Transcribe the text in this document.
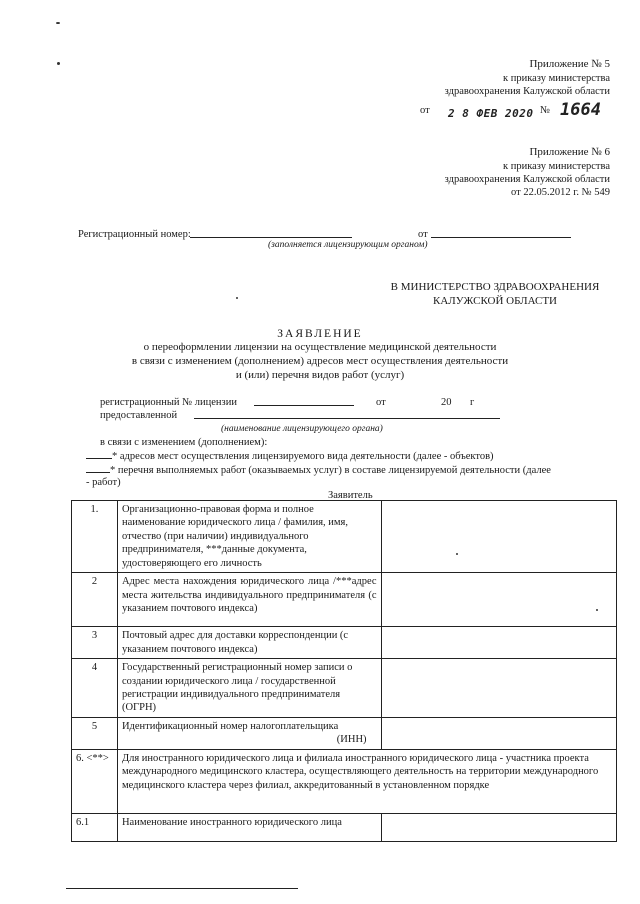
Приложение № 5
к приказу министерства
здравоохранения Калужской области
от 2 8 ФЕВ 2020 № 1664
Приложение № 6
к приказу министерства
здравоохранения Калужской области
от 22.05.2012 г. № 549
Регистрационный номер:	от
(заполняется лицензирующим органом)
В МИНИСТЕРСТВО ЗДРАВООХРАНЕНИЯ
КАЛУЖСКОЙ ОБЛАСТИ
ЗАЯВЛЕНИЕ
о переоформлении лицензии на осуществление медицинской деятельности
в связи с изменением (дополнением) адресов мест осуществления деятельности
и (или) перечня видов работ (услуг)
регистрационный № лицензии	от	20 г
предоставленной
(наименование лицензирующего органа)
в связи с изменением (дополнением):
* адресов мест осуществления лицензируемого вида деятельности (далее - объектов)
* перечня выполняемых работ (оказываемых услуг) в составе лицензируемой деятельности (далее
- работ)
Заявитель
1.	Организационно-правовая форма и полное наименование юридического лица / фамилия, имя, отчество (при наличии) индивидуального предпринимателя, ***данные документа, удостоверяющего его личность	
2	Адрес места нахождения юридического лица /***адрес места жительства индивидуального предпринимателя (с указанием почтового индекса)	
3	Почтовый адрес для доставки корреспонденции (с указанием почтового индекса)	
4	Государственный регистрационный номер записи о создании юридического лица / государственной регистрации индивидуального предпринимателя (ОГРН)	
5	Идентификационный номер налогоплательщика
(ИНН)	

6. <**>	Для иностранного юридического лица и филиала иностранного юридического лица - участника проекта международного медицинского кластера, осуществляющего деятельность на территории международного медицинского кластера через филиал, аккредитованный в установленном порядке	
6.1	Наименование иностранного юридического лица	
